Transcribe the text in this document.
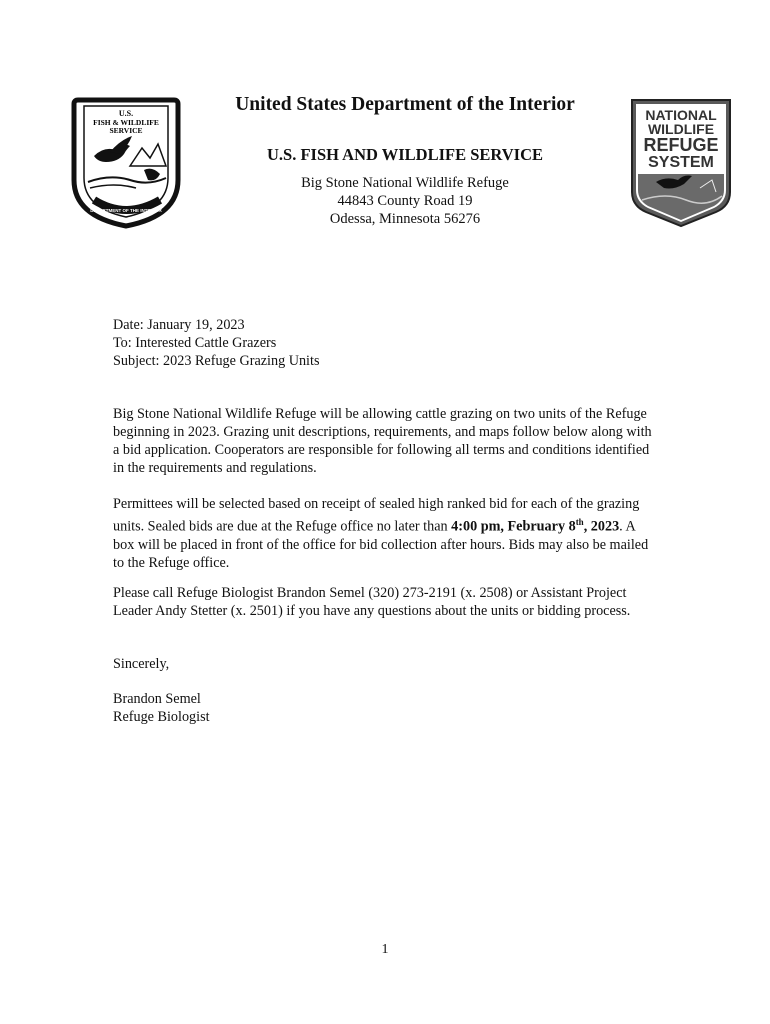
U.S.
FISH & WILDLIFE
SERVICE
DEPARTMENT OF THE INTERIOR
NATIONAL
WILDLIFE
REFUGE
SYSTEM
United States Department of the Interior
U.S. FISH AND WILDLIFE SERVICE
Big Stone National Wildlife Refuge
44843 County Road 19
Odessa, Minnesota 56276

Date: January 19, 2023

To: Interested Cattle Grazers

Subject: 2023 Refuge Grazing Units

Big Stone National Wildlife Refuge will be allowing cattle grazing on two units of the Refuge beginning in 2023. Grazing unit descriptions, requirements, and maps follow below along with a bid application. Cooperators are responsible for following all terms and conditions identified in the requirements and regulations.

Permittees will be selected based on receipt of sealed high ranked bid for each of the grazing units. Sealed bids are due at the Refuge office no later than 4:00 pm, February 8th, 2023. A box will be placed in front of the office for bid collection after hours. Bids may also be mailed to the Refuge office.

Please call Refuge Biologist Brandon Semel (320) 273-2191 (x. 2508) or Assistant Project Leader Andy Stetter (x. 2501) if you have any questions about the units or bidding process.

Sincerely,

Brandon Semel

Refuge Biologist

1
